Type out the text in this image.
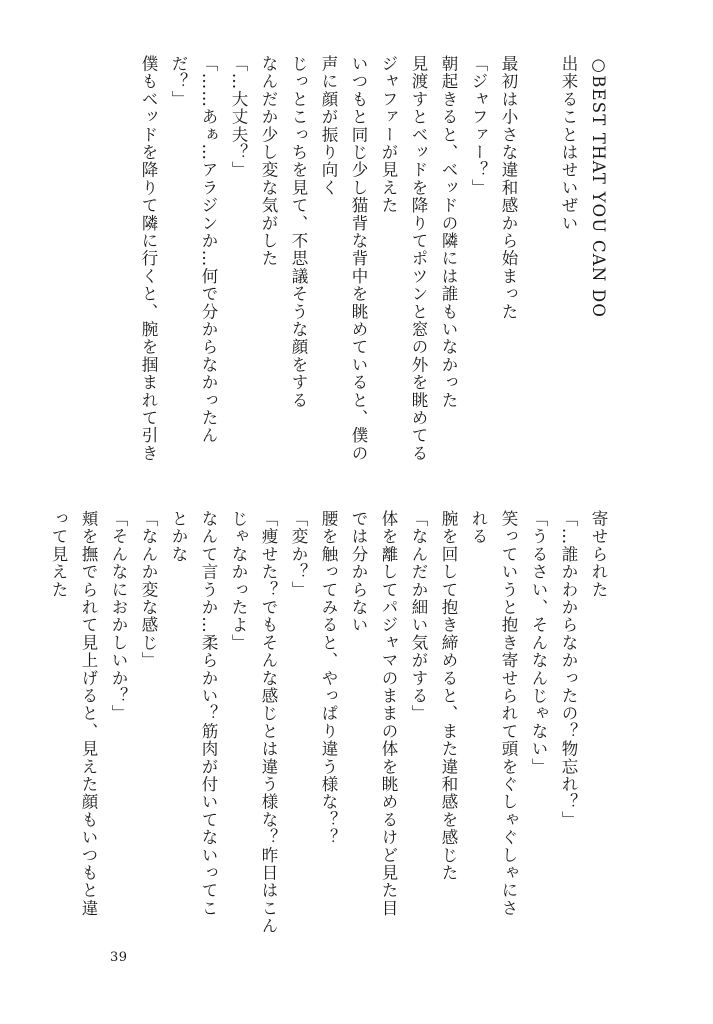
○BEST THAT YOU CAN DO
出来ることはせいぜい
最初は小さな違和感から始まった
「ジャファー？」
朝起きると、ベッドの隣には誰もいなかった
見渡すとベッドを降りてポツンと窓の外を眺めてる
ジャファーが見えた
いつもと同じ少し猫背な背中を眺めていると、僕の
声に顔が振り向く
じっとこっちを見て、不思議そうな顔をする
なんだか少し変な気がした
「…大丈夫？」
「……あぁ…アラジンか…何で分からなかったん
だ？」
僕もベッドを降りて隣に行くと、腕を掴まれて引き
寄せられた
「…誰かわからなかったの？物忘れ？」
「うるさい、そんなんじゃない」
笑っていうと抱き寄せられて頭をぐしゃぐしゃにさ
れる
腕を回して抱き締めると、また違和感を感じた
「なんだか細い気がする」
体を離してパジャマのままの体を眺めるけど見た目
では分からない
腰を触ってみると、やっぱり違う様な？？
「変か？」
「痩せた？でもそんな感じとは違う様な？昨日はこん
じゃなかったよ」
なんて言うか…柔らかい？筋肉が付いてないってこ
とかな
「なんか変な感じ」
「そんなにおかしいか？」
頬を撫でられて見上げると、見えた顔もいつもと違
って見えた
39
